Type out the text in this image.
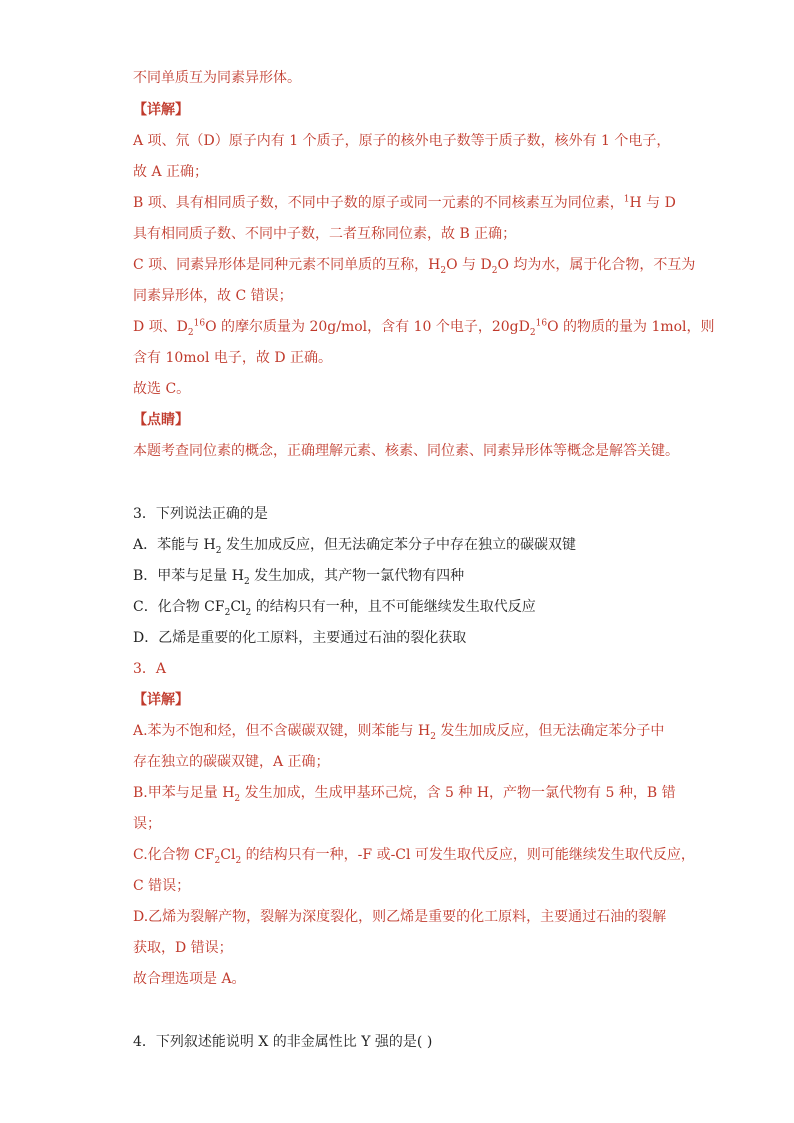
不同单质互为同素异形体。
【详解】
A 项、氘（D）原子内有 1 个质子，原子的核外电子数等于质子数，核外有 1 个电子，
故 A 正确；
B 项、具有相同质子数，不同中子数的原子或同一元素的不同核素互为同位素，$^1$H 与 D
具有相同质子数、不同中子数，二者互称同位素，故 B 正确；
C 项、同素异形体是同种元素不同单质的互称，$H_2O$ 与 $D_2O$ 均为水，属于化合物，不互为
同素异形体，故 C 错误；
D 项、$D_2^{16}O$ 的摩尔质量为 20g/mol，含有 10 个电子，$20gD_2^{16}O$ 的物质的量为 1mol，则
含有 10mol 电子，故 D 正确。
故选 C。
【点睛】
本题考查同位素的概念，正确理解元素、核素、同位素、同素异形体等概念是解答关键。
3．下列说法正确的是
A．苯能与 $H_2$ 发生加成反应，但无法确定苯分子中存在独立的碳碳双键
B．甲苯与足量 $H_2$ 发生加成，其产物一氯代物有四种
C．化合物 $CF_2Cl_2$ 的结构只有一种，且不可能继续发生取代反应
D．乙烯是重要的化工原料，主要通过石油的裂化获取
3．A
【详解】
A.苯为不饱和烃，但不含碳碳双键，则苯能与 $H_2$ 发生加成反应，但无法确定苯分子中
存在独立的碳碳双键，A 正确；
B.甲苯与足量 $H_2$ 发生加成，生成甲基环己烷，含 5 种 H，产物一氯代物有 5 种，B 错
误；
C.化合物 $CF_2Cl_2$ 的结构只有一种，-F 或-Cl 可发生取代反应，则可能继续发生取代反应，
C 错误；
D.乙烯为裂解产物，裂解为深度裂化，则乙烯是重要的化工原料，主要通过石油的裂解
获取，D 错误；
故合理选项是 A。
4．下列叙述能说明 X 的非金属性比 Y 强的是( )
